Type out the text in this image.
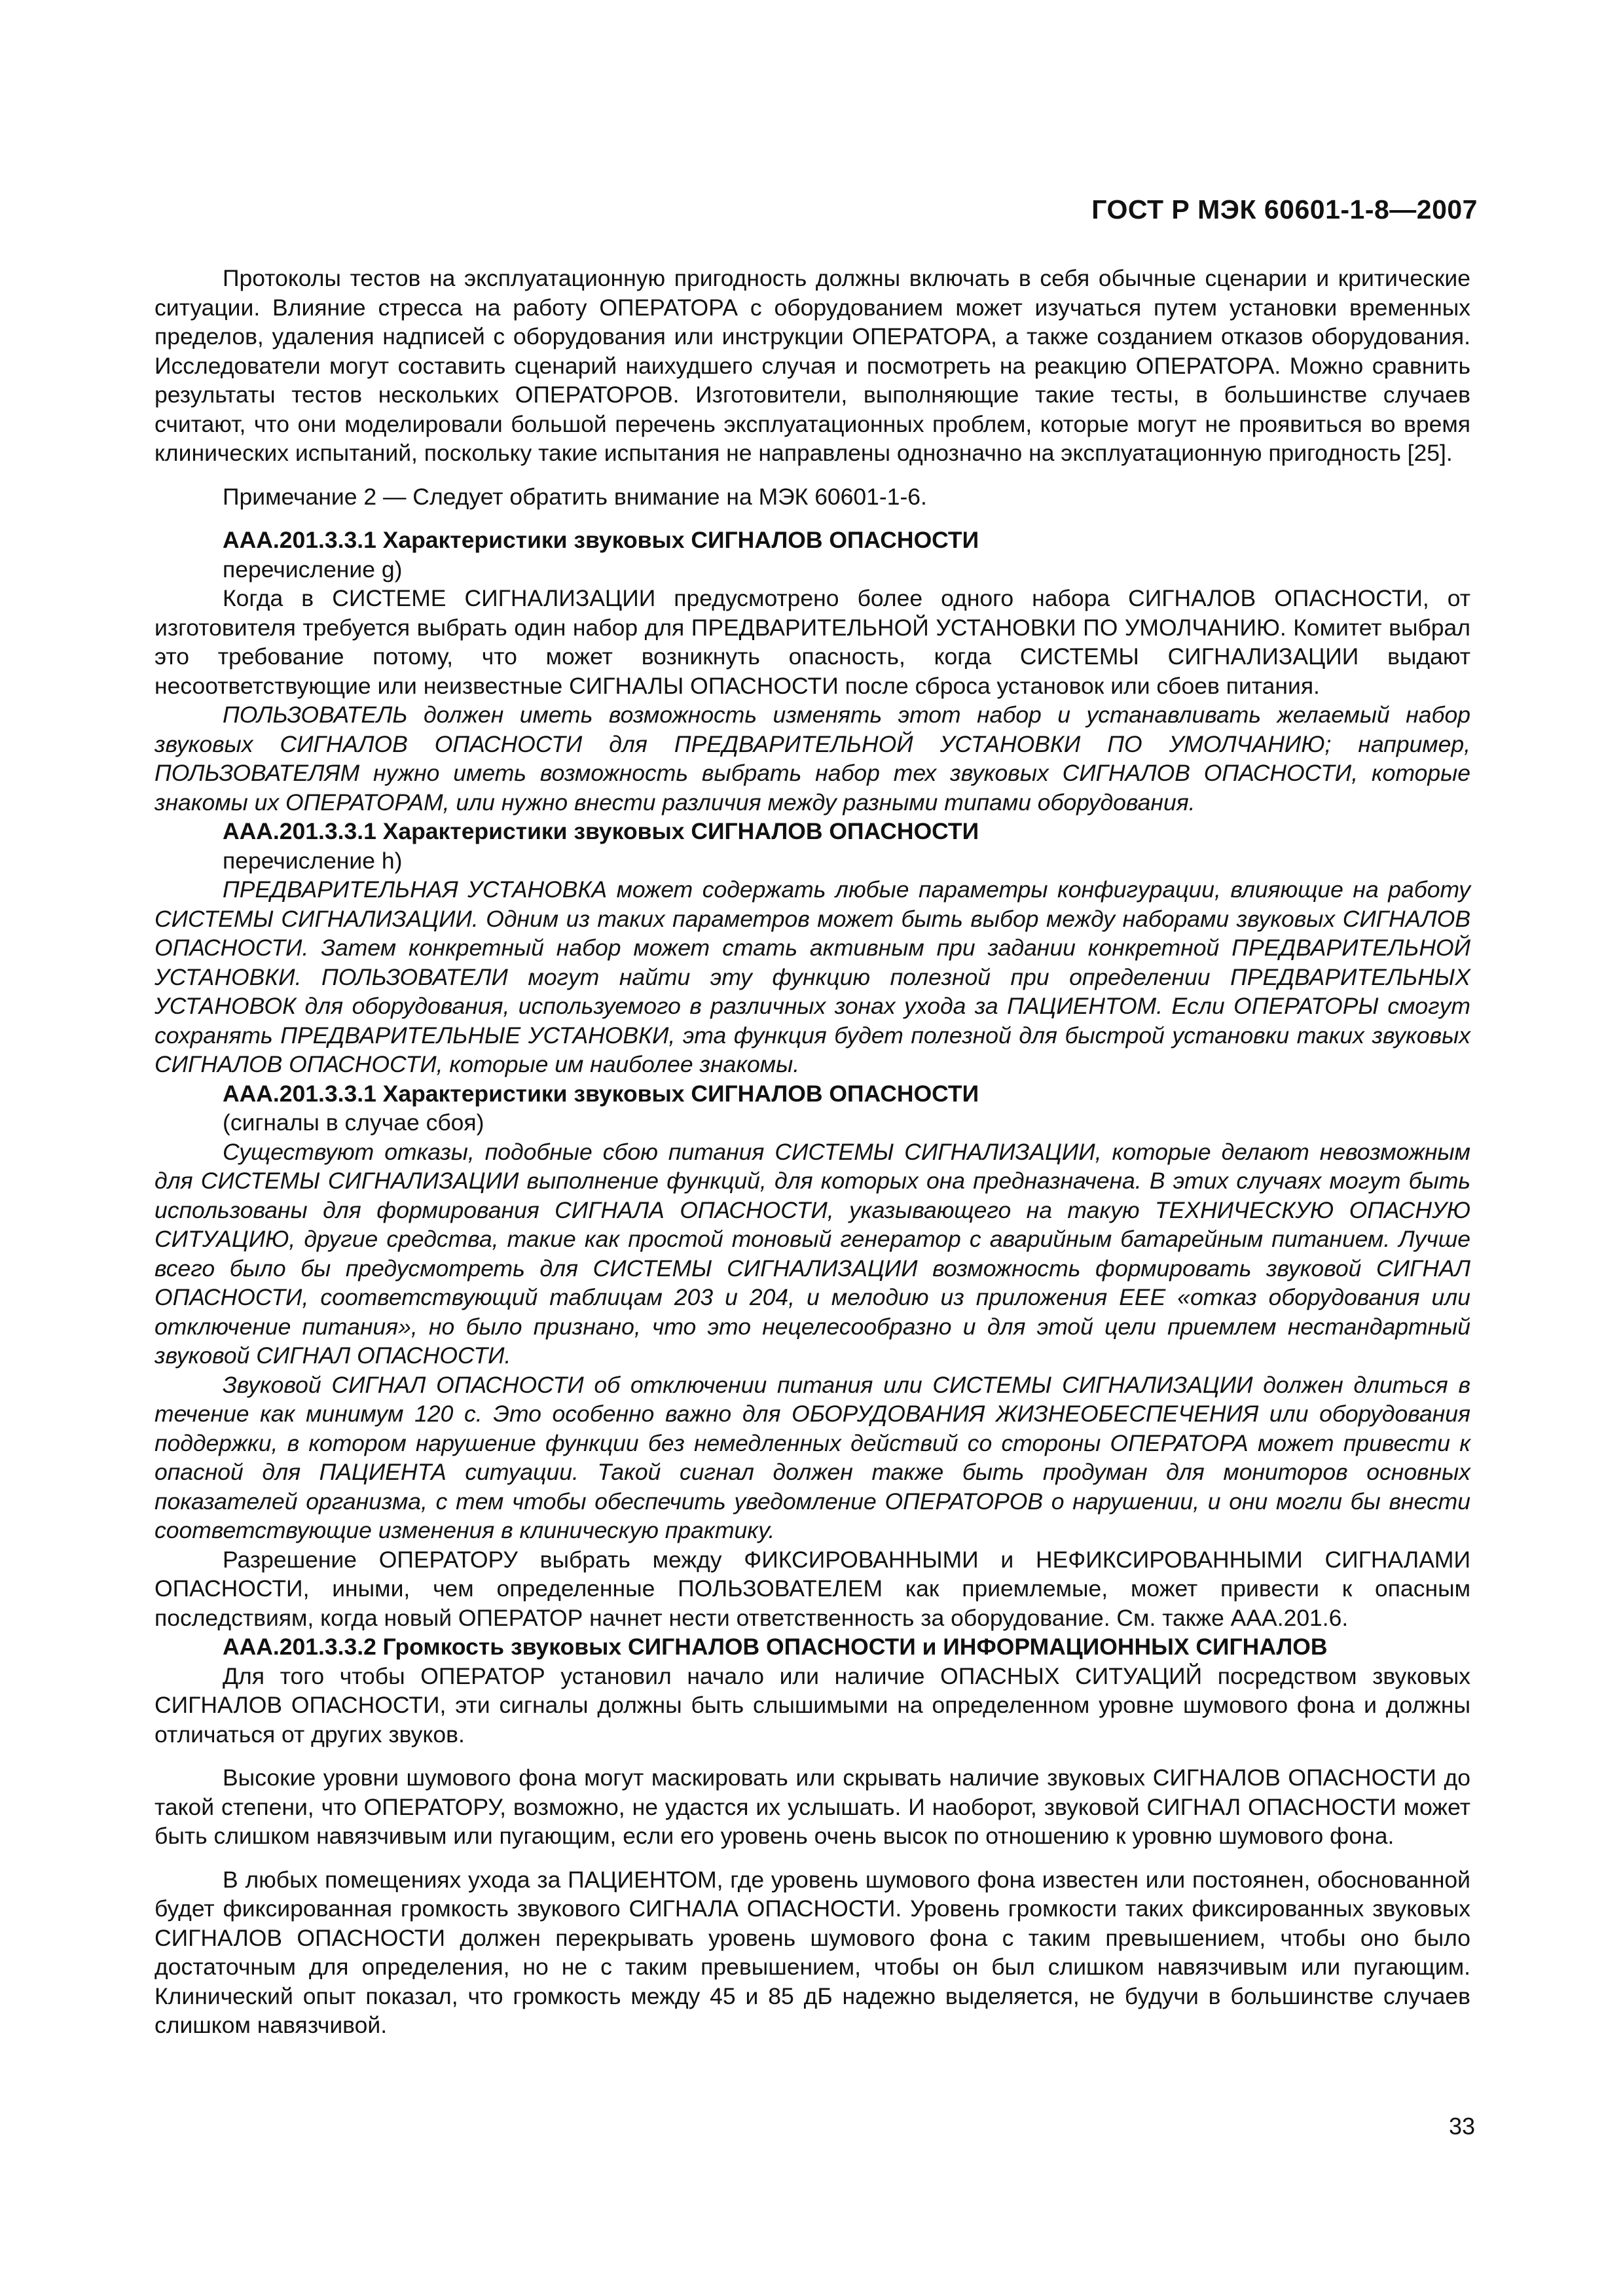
ГОСТ Р МЭК 60601-1-8—2007

Протоколы тестов на эксплуатационную пригодность должны включать в себя обычные сценарии и критические ситуации. Влияние стресса на работу ОПЕРАТОРА с оборудованием может изучаться путем установки временных пределов, удаления надписей с оборудования или инструкции ОПЕРАТОРА, а также созданием отказов оборудования. Исследователи могут составить сценарий наихудшего случая и посмотреть на реакцию ОПЕРАТОРА. Можно сравнить результаты тестов нескольких ОПЕРАТОРОВ. Изготовители, выполняющие такие тесты, в большинстве случаев считают, что они моделировали большой перечень эксплуатационных проблем, которые могут не проявиться во время клинических испытаний, поскольку такие испытания не направлены однозначно на эксплуатационную пригодность [25].

Примечание 2 — Следует обратить внимание на МЭК 60601-1-6.

ААА.201.3.3.1 Характеристики звуковых СИГНАЛОВ ОПАСНОСТИ

перечисление g)

Когда в СИСТЕМЕ СИГНАЛИЗАЦИИ предусмотрено более одного набора СИГНАЛОВ ОПАСНОСТИ, от изготовителя требуется выбрать один набор для ПРЕДВАРИТЕЛЬНОЙ УСТАНОВКИ ПО УМОЛЧАНИЮ. Комитет выбрал это требование потому, что может возникнуть опасность, когда СИСТЕМЫ СИГНАЛИЗАЦИИ выдают несоответствующие или неизвестные СИГНАЛЫ ОПАСНОСТИ после сброса установок или сбоев питания.

ПОЛЬЗОВАТЕЛЬ должен иметь возможность изменять этот набор и устанавливать желаемый набор звуковых СИГНАЛОВ ОПАСНОСТИ для ПРЕДВАРИТЕЛЬНОЙ УСТАНОВКИ ПО УМОЛЧАНИЮ; например, ПОЛЬЗОВАТЕЛЯМ нужно иметь возможность выбрать набор тех звуковых СИГНАЛОВ ОПАСНОСТИ, которые знакомы их ОПЕРАТОРАМ, или нужно внести различия между разными типами оборудования.

ААА.201.3.3.1 Характеристики звуковых СИГНАЛОВ ОПАСНОСТИ

перечисление h)

ПРЕДВАРИТЕЛЬНАЯ УСТАНОВКА может содержать любые параметры конфигурации, влияющие на работу СИСТЕМЫ СИГНАЛИЗАЦИИ. Одним из таких параметров может быть выбор между наборами звуковых СИГНАЛОВ ОПАСНОСТИ. Затем конкретный набор может стать активным при задании конкретной ПРЕДВАРИТЕЛЬНОЙ УСТАНОВКИ. ПОЛЬЗОВАТЕЛИ могут найти эту функцию полезной при определении ПРЕДВАРИТЕЛЬНЫХ УСТАНОВОК для оборудования, используемого в различных зонах ухода за ПАЦИЕНТОМ. Если ОПЕРАТОРЫ смогут сохранять ПРЕДВАРИТЕЛЬНЫЕ УСТАНОВКИ, эта функция будет полезной для быстрой установки таких звуковых СИГНАЛОВ ОПАСНОСТИ, которые им наиболее знакомы.

ААА.201.3.3.1 Характеристики звуковых СИГНАЛОВ ОПАСНОСТИ

(сигналы в случае сбоя)

Существуют отказы, подобные сбою питания СИСТЕМЫ СИГНАЛИЗАЦИИ, которые делают невозможным для СИСТЕМЫ СИГНАЛИЗАЦИИ выполнение функций, для которых она предназначена. В этих случаях могут быть использованы для формирования СИГНАЛА ОПАСНОСТИ, указывающего на такую ТЕХНИЧЕСКУЮ ОПАСНУЮ СИТУАЦИЮ, другие средства, такие как простой тоновый генератор с аварийным батарейным питанием. Лучше всего было бы предусмотреть для СИСТЕМЫ СИГНАЛИЗАЦИИ возможность формировать звуковой СИГНАЛ ОПАСНОСТИ, соответствующий таблицам 203 и 204, и мелодию из приложения ЕЕЕ «отказ оборудования или отключение питания», но было признано, что это нецелесообразно и для этой цели приемлем нестандартный звуковой СИГНАЛ ОПАСНОСТИ.

Звуковой СИГНАЛ ОПАСНОСТИ об отключении питания или СИСТЕМЫ СИГНАЛИЗАЦИИ должен длиться в течение как минимум 120 с. Это особенно важно для ОБОРУДОВАНИЯ ЖИЗНЕОБЕСПЕЧЕНИЯ или оборудования поддержки, в котором нарушение функции без немедленных действий со стороны ОПЕРАТОРА может привести к опасной для ПАЦИЕНТА ситуации. Такой сигнал должен также быть продуман для мониторов основных показателей организма, с тем чтобы обеспечить уведомление ОПЕРАТОРОВ о нарушении, и они могли бы внести соответствующие изменения в клиническую практику.

Разрешение ОПЕРАТОРУ выбрать между ФИКСИРОВАННЫМИ и НЕФИКСИРОВАННЫМИ СИГНАЛАМИ ОПАСНОСТИ, иными, чем определенные ПОЛЬЗОВАТЕЛЕМ как приемлемые, может привести к опасным последствиям, когда новый ОПЕРАТОР начнет нести ответственность за оборудование. См. также ААА.201.6.

ААА.201.3.3.2 Громкость звуковых СИГНАЛОВ ОПАСНОСТИ и ИНФОРМАЦИОННЫХ СИГНАЛОВ

Для того чтобы ОПЕРАТОР установил начало или наличие ОПАСНЫХ СИТУАЦИЙ посредством звуковых СИГНАЛОВ ОПАСНОСТИ, эти сигналы должны быть слышимыми на определенном уровне шумового фона и должны отличаться от других звуков.

Высокие уровни шумового фона могут маскировать или скрывать наличие звуковых СИГНАЛОВ ОПАСНОСТИ до такой степени, что ОПЕРАТОРУ, возможно, не удастся их услышать. И наоборот, звуковой СИГНАЛ ОПАСНОСТИ может быть слишком навязчивым или пугающим, если его уровень очень высок по отношению к уровню шумового фона.

В любых помещениях ухода за ПАЦИЕНТОМ, где уровень шумового фона известен или постоянен, обоснованной будет фиксированная громкость звукового СИГНАЛА ОПАСНОСТИ. Уровень громкости таких фиксированных звуковых СИГНАЛОВ ОПАСНОСТИ должен перекрывать уровень шумового фона с таким превышением, чтобы оно было достаточным для определения, но не с таким превышением, чтобы он был слишком навязчивым или пугающим. Клинический опыт показал, что громкость между 45 и 85 дБ надежно выделяется, не будучи в большинстве случаев слишком навязчивой.

33
